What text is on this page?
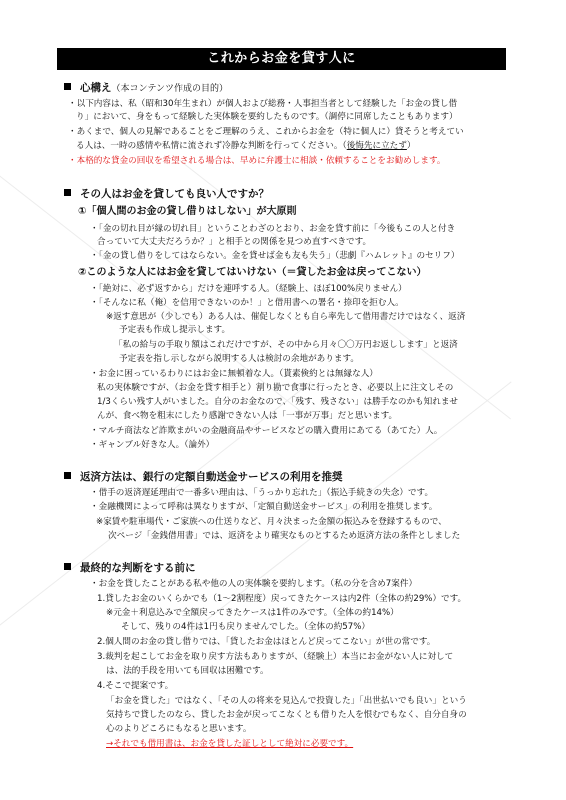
これからお金を貸す人に
心構え（本コンテンツ作成の目的）
・以下内容は、私（昭和30年生まれ）が個人および総務・人事担当者として経験した「お金の貸し借
り」において、身をもって経験した実体験を要約したものです。（調停に同席したこともあります）
・あくまで、個人の見解であることをご理解のうえ、これからお金を（特に個人に）貸そうと考えてい
る人は、一時の感情や私情に流されず冷静な判断を行ってください。（後悔先に立たず）
・本格的な貸金の回収を希望される場合は、早めに弁護士に相談・依頼することをお勧めします。
その人はお金を貸しても良い人ですか？
①「個人間のお金の貸し借りはしない」が大原則
・「金の切れ目が縁の切れ目」ということわざのとおり、お金を貸す前に「今後もこの人と付き
合っていて大丈夫だろうか？」と相手との関係を見つめ直すべきです。
・「金の貸し借りをしてはならない。金を貸せば金も友も失う」（悲劇『ハムレット』のセリフ）
②このような人にはお金を貸してはいけない（＝貸したお金は戻ってこない）
・「絶対に、必ず返すから」だけを連呼する人。（経験上、ほぼ100%戻りません）
・「そんなに私（俺）を信用できないのか！」と借用書への署名・捺印を拒む人。
※返す意思が（少しでも）ある人は、催促しなくとも自ら率先して借用書だけではなく、返済
予定表も作成し提示します。
「私の給与の手取り額はこれだけですが、その中から月々〇〇万円お返しします」と返済
予定表を指し示しながら説明する人は検討の余地があります。
・お金に困っているわりにはお金に無頓着な人。（貰素倹約とは無縁な人）
私の実体験ですが、（お金を貸す相手と）割り勘で食事に行ったとき、必要以上に注文しその
1/3くらい残す人がいました。自分のお金なので、「残す、残さない」は勝手なのかも知れませ
んが、食べ物を粗末にしたり感謝できない人は「一事が万事」だと思います。
・マルチ商法など詐欺まがいの金融商品やサービスなどの購入費用にあてる（あてた）人。
・ギャンブル好きな人。（論外）
返済方法は、銀行の定額自動送金サービスの利用を推奨
・借手の返済遅延理由で一番多い理由は、「うっかり忘れた」（振込手続きの失念）です。
・金融機関によって呼称は異なりますが、「定額自動送金サービス」の利用を推奨します。
※家賃や駐車場代・ご家族への仕送りなど、月々決まった金額の振込みを登録するもので、
次ページ「金銭借用書」では、返済をより確実なものとするため返済方法の条件としました
最終的な判断をする前に
・お金を貸したことがある私や他の人の実体験を要約します。（私の分を含め7案件）
1.貸したお金のいくらかでも（1～2割程度）戻ってきたケースは内2件（全体の約29%）です。
※元金＋利息込みで全額戻ってきたケースは1件のみです。（全体の約14%）
そして、残りの4件は1円も戻りませんでした。（全体の約57%）
2.個人間のお金の貸し借りでは、「貸したお金はほとんど戻ってこない」が世の常です。
3.裁判を起こしてお金を取り戻す方法もありますが、（経験上）本当にお金がない人に対して
は、法的手段を用いても回収は困難です。
4.そこで提案です。
「お金を貸した」ではなく、「その人の将来を見込んで投資した」「出世払いでも良い」という
気持ちで貸したのなら、貸したお金が戻ってこなくとも借りた人を恨むでもなく、自分自身の
心のよりどころにもなると思います。
→それでも借用書は、お金を貸した証しとして絶対に必要です。
